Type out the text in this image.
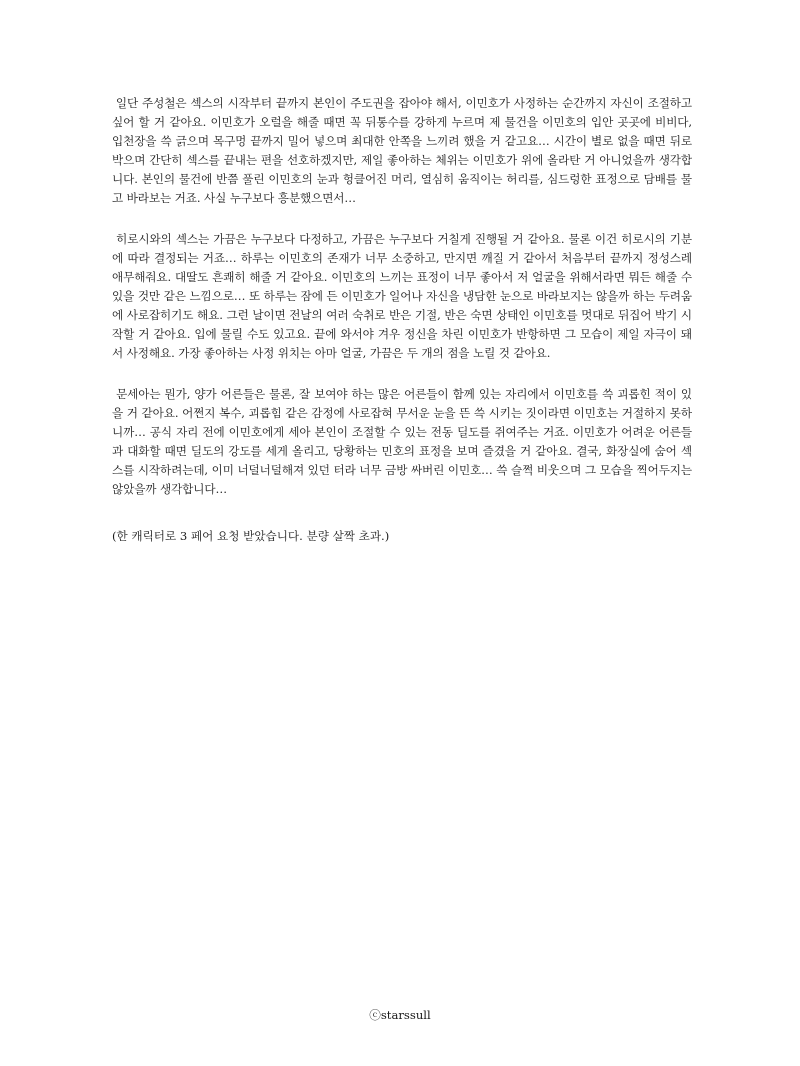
일단 주성철은 섹스의 시작부터 끝까지 본인이 주도권을 잡아야 해서, 이민호가 사정하는 순간까지 자신이 조절하고 싶어 할 거 같아요. 이민호가 오럴을 해줄 때면 꼭 뒤통수를 강하게 누르며 제 물건을 이민호의 입안 곳곳에 비비다, 입천장을 쓱 긁으며 목구멍 끝까지 밀어 넣으며 최대한 안쪽을 느끼려 했을 거 같고요… 시간이 별로 없을 때면 뒤로 박으며 간단히 섹스를 끝내는 편을 선호하겠지만, 제일 좋아하는 체위는 이민호가 위에 올라탄 거 아니었을까 생각합니다. 본인의 물건에 반쯤 풀린 이민호의 눈과 헝클어진 머리, 열심히 움직이는 허리를, 심드렁한 표정으로 담배를 물고 바라보는 거죠. 사실 누구보다 흥분했으면서…

히로시와의 섹스는 가끔은 누구보다 다정하고, 가끔은 누구보다 거칠게 진행될 거 같아요. 물론 이건 히로시의 기분에 따라 결정되는 거죠… 하루는 이민호의 존재가 너무 소중하고, 만지면 깨질 거 같아서 처음부터 끝까지 정성스레 애무해줘요. 대딸도 흔쾌히 해줄 거 같아요. 이민호의 느끼는 표정이 너무 좋아서 저 얼굴을 위해서라면 뭐든 해줄 수 있을 것만 같은 느낌으로… 또 하루는 잠에 든 이민호가 일어나 자신을 냉담한 눈으로 바라보지는 않을까 하는 두려움에 사로잡히기도 해요. 그런 날이면 전날의 여러 숙취로 반은 기절, 반은 숙면 상태인 이민호를 멋대로 뒤집어 박기 시작할 거 같아요. 입에 물릴 수도 있고요. 끝에 와서야 겨우 정신을 차린 이민호가 반항하면 그 모습이 제일 자극이 돼서 사정해요. 가장 좋아하는 사정 위치는 아마 얼굴, 가끔은 두 개의 점을 노릴 것 같아요.

문세아는 뭔가, 양가 어른들은 물론, 잘 보여야 하는 많은 어른들이 함께 있는 자리에서 이민호를 쓱 괴롭힌 적이 있을 거 같아요. 어쩐지 복수, 괴롭힘 같은 감정에 사로잡혀 무서운 눈을 뜬 쓱 시키는 짓이라면 이민호는 거절하지 못하니까… 공식 자리 전에 이민호에게 세아 본인이 조절할 수 있는 전동 딜도를 쥐여주는 거죠. 이민호가 어려운 어른들과 대화할 때면 딜도의 강도를 세게 올리고, 당황하는 민호의 표정을 보며 즐겼을 거 같아요. 결국, 화장실에 숨어 섹스를 시작하려는데, 이미 너덜너덜해져 있던 터라 너무 금방 싸버린 이민호… 쓱 슬쩍 비웃으며 그 모습을 찍어두지는 않았을까 생각합니다…

(한 캐릭터로 3 페어 요청 받았습니다. 분량 살짝 초과.)
ⓒstarssull
